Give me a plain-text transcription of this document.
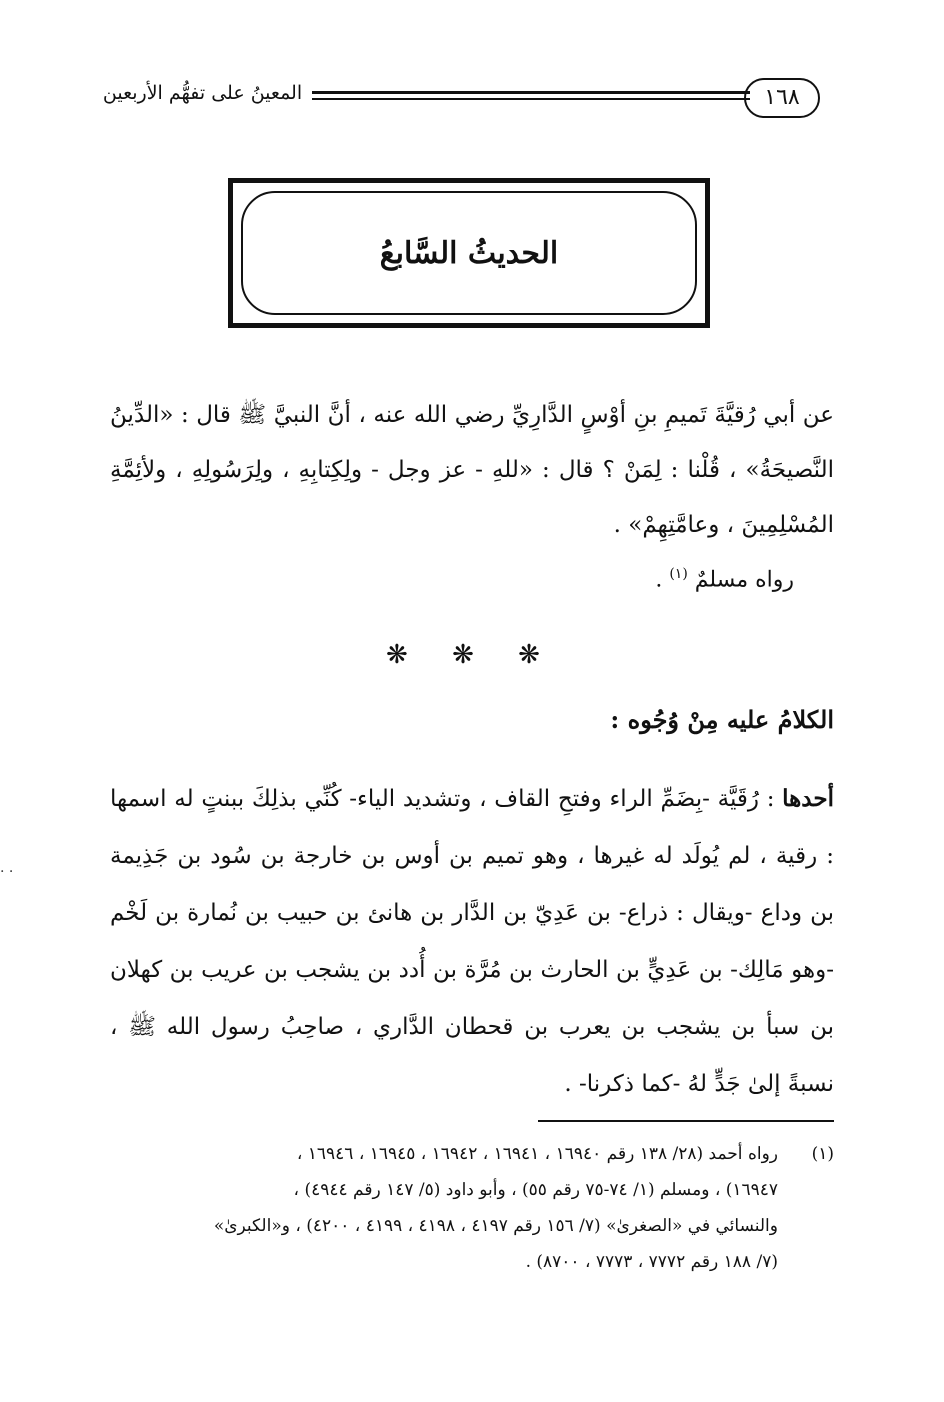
١٦٨
المعينُ على تفهُّم الأربعين
الحديثُ السَّابعُ
عن أبي رُقيَّةَ تَميمِ بنِ أوْسٍ الدَّارِيِّ رضي الله عنه ، أنَّ النبيَّ ﷺ قال : «الدِّينُ النَّصيحَةُ» ، قُلْنا : لِمَنْ ؟ قال : «للهِ - عز وجل - ولِكِتابِهِ ، ولِرَسُولِهِ ، ولأئِمَّةِ المُسْلِمِينَ ، وعامَّتِهِمْ» .
رواه مسلمٌ $^{(١)}$ .
❋ ❋ ❋
الكلامُ عليه مِنْ وُجُوه :
أحدها : رُقَيَّة -بِضَمِّ الراء وفتحِ القاف ، وتشديد الياء- كُنِّي بذلِكَ ببنتٍ له اسمها : رقية ، لم يُولَد له غيرها ، وهو تميم بن أوس بن خارجة بن سُود بن جَذِيمة بن وداع -ويقال : ذراع- بن عَدِيّ بن الدَّار بن هانئ بن حبيب بن نُمارة بن لَخْم -وهو مَالِك- بن عَدِيٍّ بن الحارث بن مُرَّة بن أُدد بن يشجب بن عريب بن كهلان بن سبأ بن يشجب بن يعرب بن قحطان الدَّاري ، صاحِبُ رسول الله ﷺ ، نسبةً إلىٰ جَدٍّ لهُ -كما ذكرنا- .
. .
(١)
رواه أحمد (٢٨/ ١٣٨ رقم ١٦٩٤٠ ، ١٦٩٤١ ، ١٦٩٤٢ ، ١٦٩٤٥ ، ١٦٩٤٦ ،
١٦٩٤٧) ، ومسلم (١/ ٧٤-٧٥ رقم ٥٥) ، وأبو داود (٥/ ١٤٧ رقم ٤٩٤٤) ،
والنسائي في «الصغرىٰ» (٧/ ١٥٦ رقم ٤١٩٧ ، ٤١٩٨ ، ٤١٩٩ ، ٤٢٠٠) ، و«الكبرىٰ»
(٧/ ١٨٨ رقم ٧٧٧٢ ، ٧٧٧٣ ، ٨٧٠٠) .
